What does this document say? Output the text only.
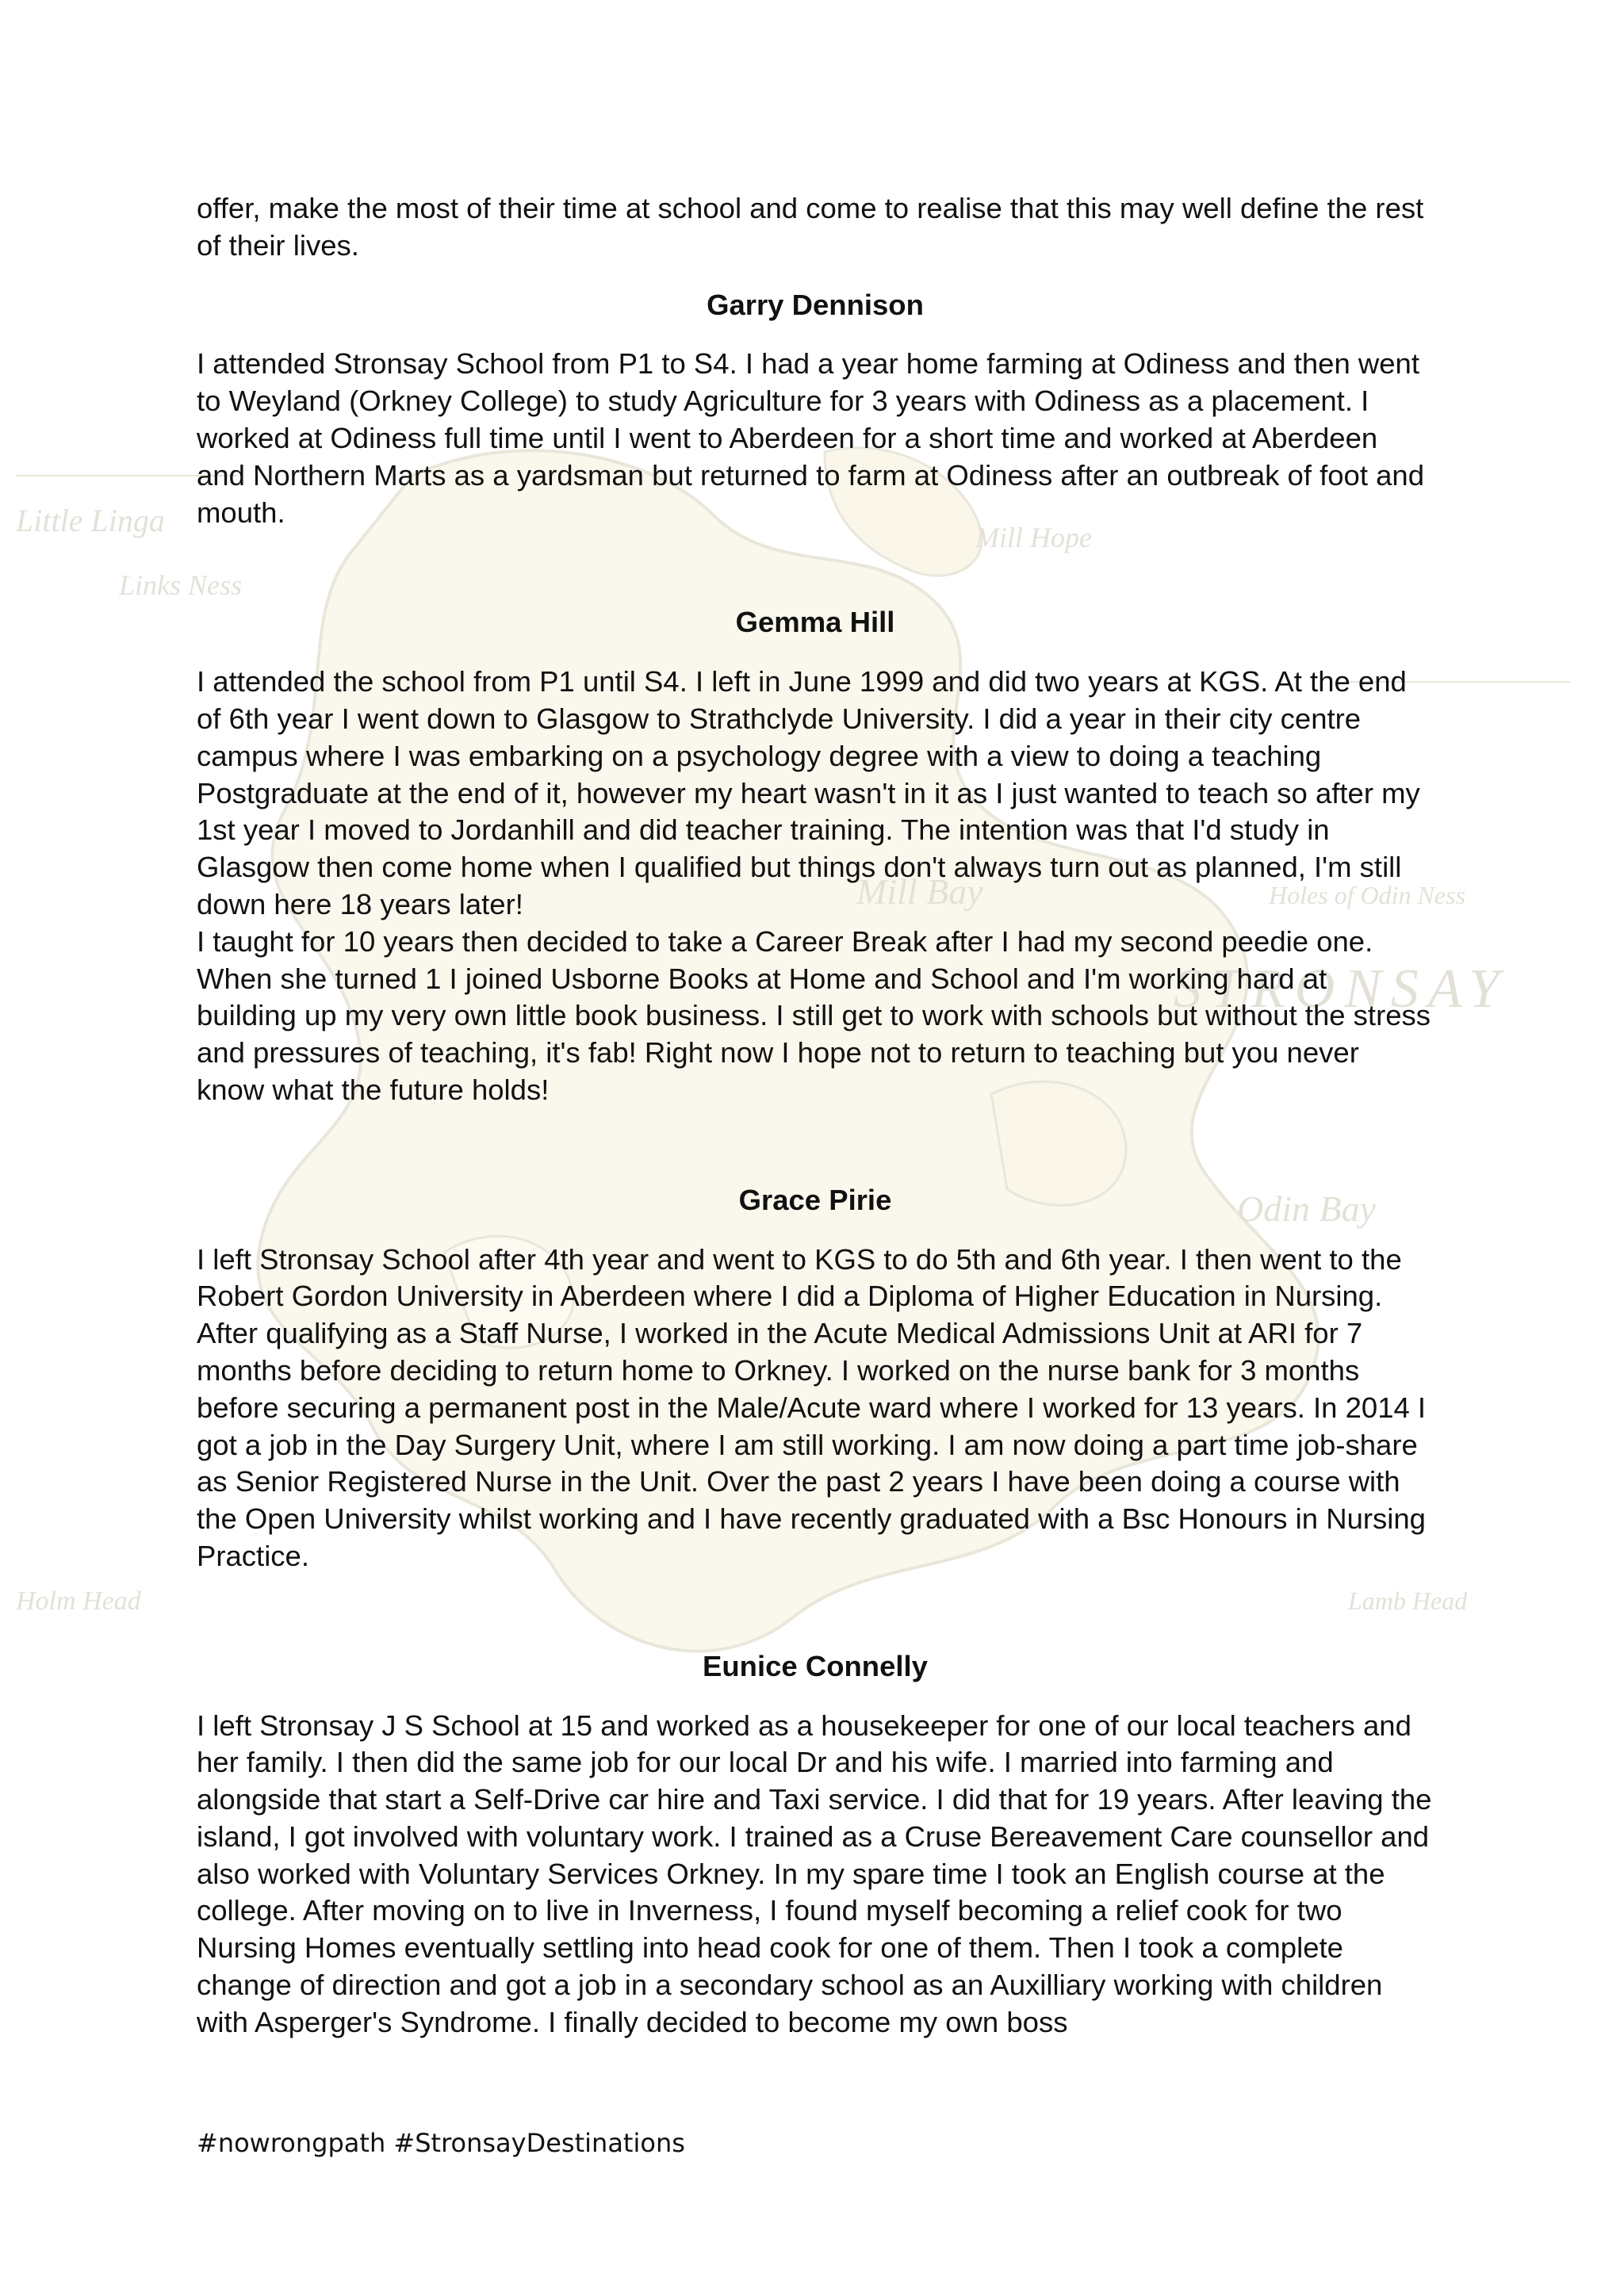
Little Linga
Links Ness
Mill Hope
Mill Bay
Odin Bay
Holes of Odin Ness
STRONSAY
Holm Head	Lamb Head

offer, make the most of their time at school and come to realise that this may well define the rest of their lives.

Garry Dennison

I attended Stronsay School from P1 to S4. I had a year home farming at Odiness and then went to Weyland (Orkney College) to study Agriculture for 3 years with Odiness as a placement. I worked at Odiness full time until I went to Aberdeen for a short time and worked at Aberdeen and Northern Marts as a yardsman but returned to farm at Odiness after an outbreak of foot and mouth.

Gemma Hill

I attended the school from P1 until S4. I left in June 1999 and did two years at KGS. At the end of 6th year I went down to Glasgow to Strathclyde University. I did a year in their city centre campus where I was embarking on a psychology degree with a view to doing a teaching Postgraduate at the end of it, however my heart wasn't in it as I just wanted to teach so after my 1st year I moved to Jordanhill and did teacher training. The intention was that I'd study in Glasgow then come home when I qualified but things don't always turn out as planned, I'm still down here 18 years later!

I taught for 10 years then decided to take a Career Break after I had my second peedie one. When she turned 1 I joined Usborne Books at Home and School and I'm working hard at building up my very own little book business. I still get to work with schools but without the stress and pressures of teaching, it's fab! Right now I hope not to return to teaching but you never know what the future holds!

Grace Pirie

I left Stronsay School after 4th year and went to KGS to do 5th and 6th year. I then went to the Robert Gordon University in Aberdeen where I did a Diploma of Higher Education in Nursing. After qualifying as a Staff Nurse, I worked in the Acute Medical Admissions Unit at ARI for 7 months before deciding to return home to Orkney. I worked on the nurse bank for 3 months before securing a permanent post in the Male/Acute ward where I worked for 13 years. In 2014 I got a job in the Day Surgery Unit, where I am still working. I am now doing a part time job-share as Senior Registered Nurse in the Unit. Over the past 2 years I have been doing a course with the Open University whilst working and I have recently graduated with a Bsc Honours in Nursing Practice.

Eunice Connelly

I left Stronsay J S School at 15 and worked as a housekeeper for one of our local teachers and her family. I then did the same job for our local Dr and his wife. I married into farming and alongside that start a Self-Drive car hire and Taxi service. I did that for 19 years. After leaving the island, I got involved with voluntary work. I trained as a Cruse Bereavement Care counsellor and also worked with Voluntary Services Orkney. In my spare time I took an English course at the college. After moving on to live in Inverness, I found myself becoming a relief cook for two Nursing Homes eventually settling into head cook for one of them. Then I took a complete change of direction and got a job in a secondary school as an Auxilliary working with children with Asperger's Syndrome. I finally decided to become my own boss

#nowrongpath #StronsayDestinations
